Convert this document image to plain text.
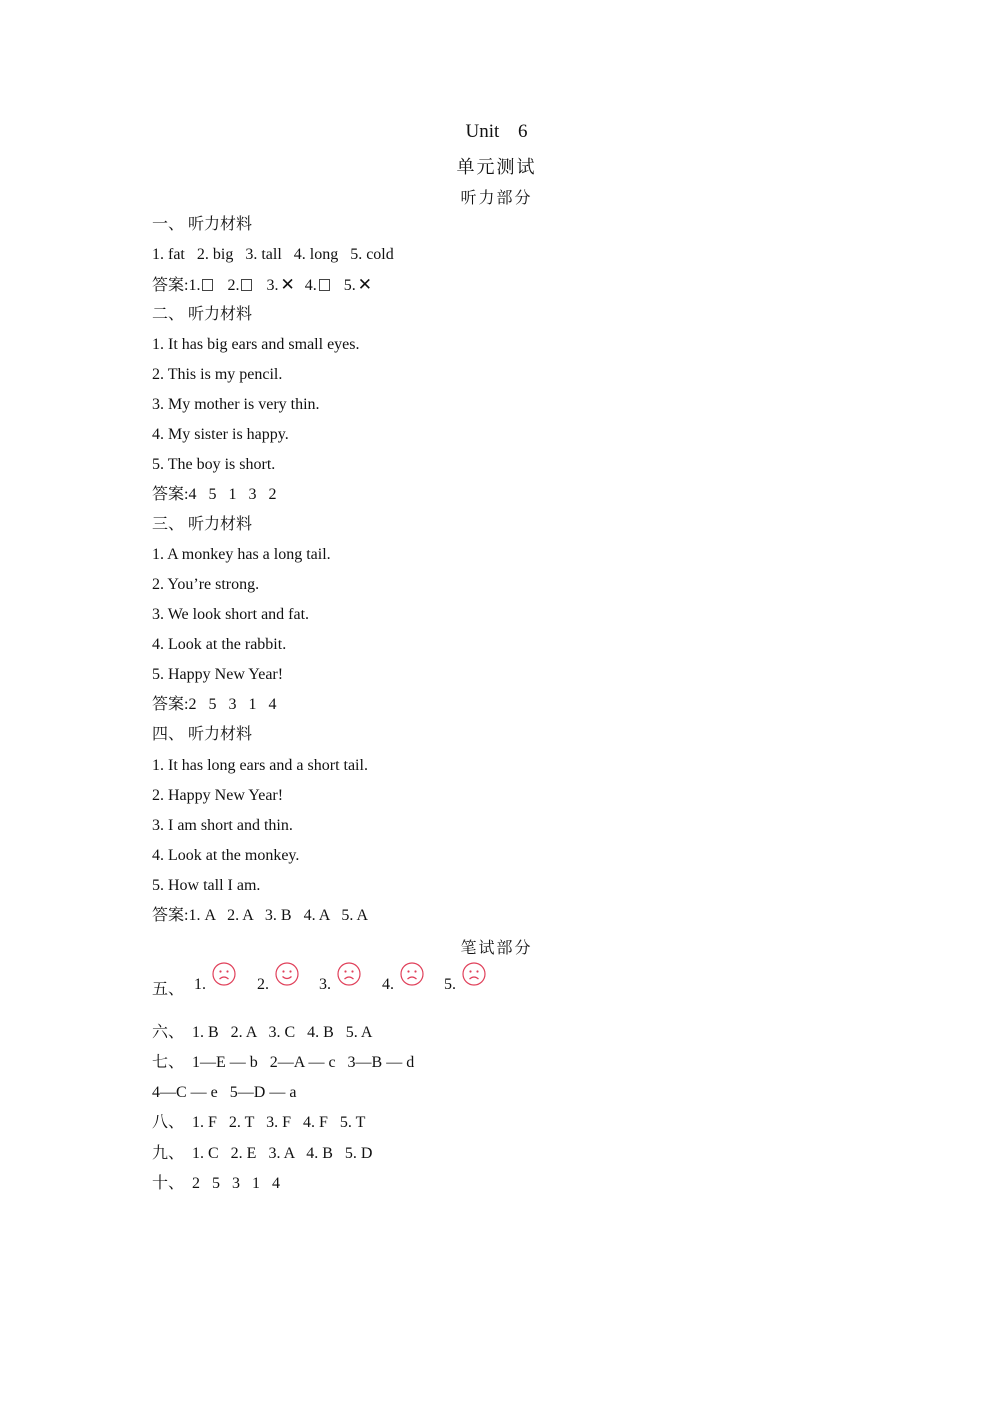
Unit 6
单元测试
听力部分
一、 听力材料
1. fat   2. big   3. tall   4. long   5. cold
答案:1. 2. 3. ✕ 4. 5. ✕
二、 听力材料
1. It has big ears and small eyes.
2. This is my pencil.
3. My mother is very thin.
4. My sister is happy.
5. The boy is short.
答案:4   5   1   3   2
三、 听力材料
1. A monkey has a long tail.
2. You’re strong.
3. We look short and fat.
4. Look at the rabbit.
5. Happy New Year!
答案:2   5   3   1   4
四、 听力材料
1. It has long ears and a short tail.
2. Happy New Year!
3. I am short and thin.
4. Look at the monkey.
5. How tall I am.
答案:1. A   2. A   3. B   4. A   5. A
笔试部分
五、 1.	2.	3.	4.	5.
六、  1. B   2. A   3. C   4. B   5. A
七、  1—E — b   2—A — c   3—B — d
4—C — e   5—D — a
八、  1. F   2. T   3. F   4. F   5. T
九、  1. C   2. E   3. A   4. B   5. D
十、  2   5   3   1   4
